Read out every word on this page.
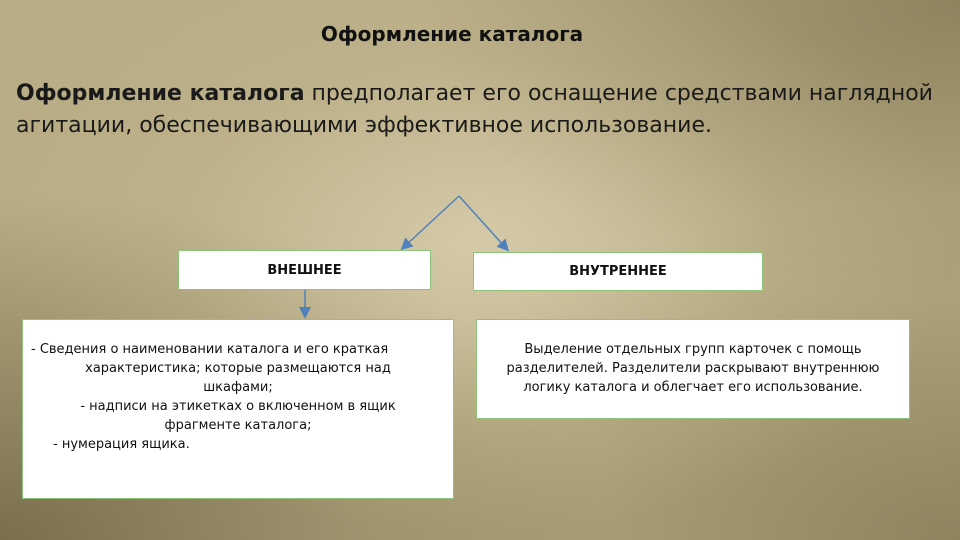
Оформление каталога
Оформление каталога предполагает его оснащение средствами наглядной агитации, обеспечивающими эффективное использование.
ВНЕШНЕЕ	ВНУТРЕННЕЕ
- Сведения о наименовании каталога и его краткая
характеристика; которые размещаются над
шкафами;
- надписи на этикетках о включенном в ящик
фрагменте каталога;
- нумерация ящика.
Выделение отдельных групп карточек с помощь
разделителей. Разделители раскрывают внутреннюю
логику каталога и облегчает его использование.
